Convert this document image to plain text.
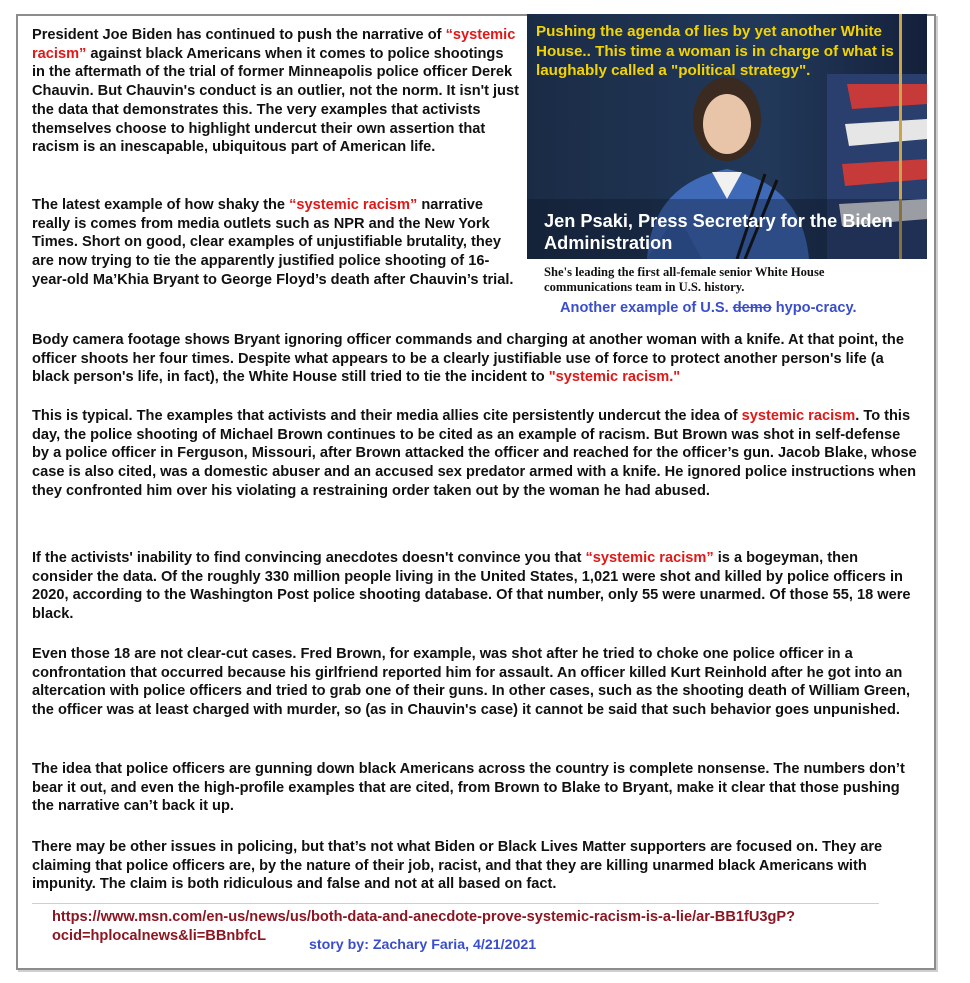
President Joe Biden has continued to push the narrative of “systemic racism” against black Americans when it comes to police shootings in the aftermath of the trial of former Minneapolis police officer Derek Chauvin. But Chauvin's conduct is an outlier, not the norm. It isn't just the data that demonstrates this. The very examples that activists themselves choose to highlight undercut their own assertion that racism is an inescapable, ubiquitous part of American life.

Pushing the agenda of lies by yet another White House.. This time a woman is in charge of what is laughably called a "political strategy".
Jen Psaki, Press Secretary for the Biden Administration
She's leading the first all-female senior White House communications team in U.S. history.
Another example of U.S. demo hypo-cracy.

The latest example of how shaky the “systemic racism” narrative really is comes from media outlets such as NPR and the New York Times. Short on good, clear examples of unjustifiable brutality, they are now trying to tie the apparently justified police shooting of 16-year-old Ma’Khia Bryant to George Floyd’s death after Chauvin’s trial.

Body camera footage shows Bryant ignoring officer commands and charging at another woman with a knife. At that point, the officer shoots her four times. Despite what appears to be a clearly justifiable use of force to protect another person's life (a black person's life, in fact), the White House still tried to tie the incident to "systemic racism."

This is typical. The examples that activists and their media allies cite persistently undercut the idea of systemic racism. To this day, the police shooting of Michael Brown continues to be cited as an example of racism. But Brown was shot in self-defense by a police officer in Ferguson, Missouri, after Brown attacked the officer and reached for the officer’s gun. Jacob Blake, whose case is also cited, was a domestic abuser and an accused sex predator armed with a knife. He ignored police instructions when they confronted him over his violating a restraining order taken out by the woman he had abused.

If the activists' inability to find convincing anecdotes doesn't convince you that “systemic racism” is a bogeyman, then consider the data. Of the roughly 330 million people living in the United States, 1,021 were shot and killed by police officers in 2020, according to the Washington Post police shooting database. Of that number, only 55 were unarmed. Of those 55, 18 were black.

Even those 18 are not clear-cut cases. Fred Brown, for example, was shot after he tried to choke one police officer in a confrontation that occurred because his girlfriend reported him for assault. An officer killed Kurt Reinhold after he got into an altercation with police officers and tried to grab one of their guns. In other cases, such as the shooting death of William Green, the officer was at least charged with murder, so (as in Chauvin's case) it cannot be said that such behavior goes unpunished.

The idea that police officers are gunning down black Americans across the country is complete nonsense. The numbers don’t bear it out, and even the high-profile examples that are cited, from Brown to Blake to Bryant, make it clear that those pushing the narrative can’t back it up.

There may be other issues in policing, but that’s not what Biden or Black Lives Matter supporters are focused on. They are claiming that police officers are, by the nature of their job, racist, and that they are killing unarmed black Americans with impunity. The claim is both ridiculous and false and not at all based on fact.

https://www.msn.com/en-us/news/us/both-data-and-anecdote-prove-systemic-racism-is-a-lie/ar-BB1fU3gP?ocid=hplocalnews&li=BBnbfcL
story by: Zachary Faria, 4/21/2021
